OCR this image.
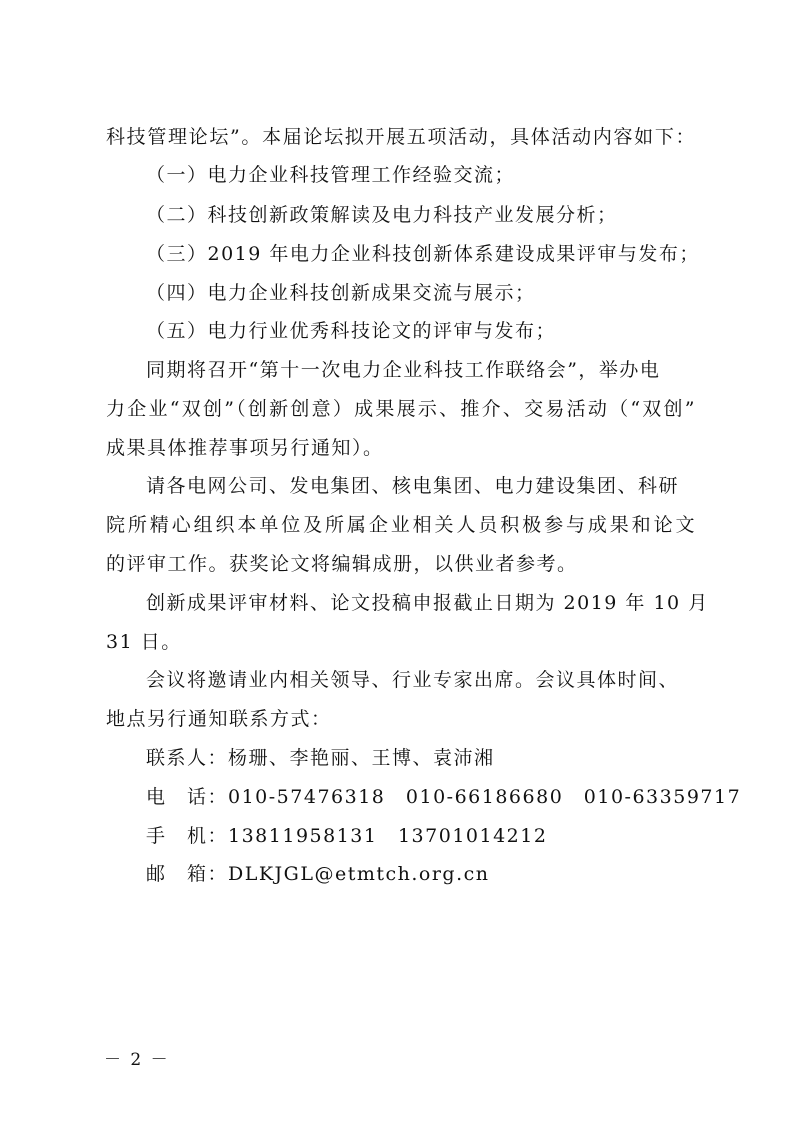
科技管理论坛”。本届论坛拟开展五项活动，具体活动内容如下：
（一）电力企业科技管理工作经验交流；
（二）科技创新政策解读及电力科技产业发展分析；
（三）2019 年电力企业科技创新体系建设成果评审与发布；
（四）电力企业科技创新成果交流与展示；
（五）电力行业优秀科技论文的评审与发布；
同期将召开“第十一次电力企业科技工作联络会”，举办电
力企业“双创”（创新创意）成果展示、推介、交易活动（“双创”
成果具体推荐事项另行通知）。
请各电网公司、发电集团、核电集团、电力建设集团、科研
院所精心组织本单位及所属企业相关人员积极参与成果和论文
的评审工作。获奖论文将编辑成册，以供业者参考。
创新成果评审材料、论文投稿申报截止日期为 2019 年 10 月
31 日。
会议将邀请业内相关领导、行业专家出席。会议具体时间、
地点另行通知联系方式：
联系人：杨珊、李艳丽、王博、袁沛湘
电　话：010-57476318　010-66186680　010-63359717
手　机：13811958131　13701014212
邮　箱：DLKJGL@etmtch.org.cn
－ 2 －
